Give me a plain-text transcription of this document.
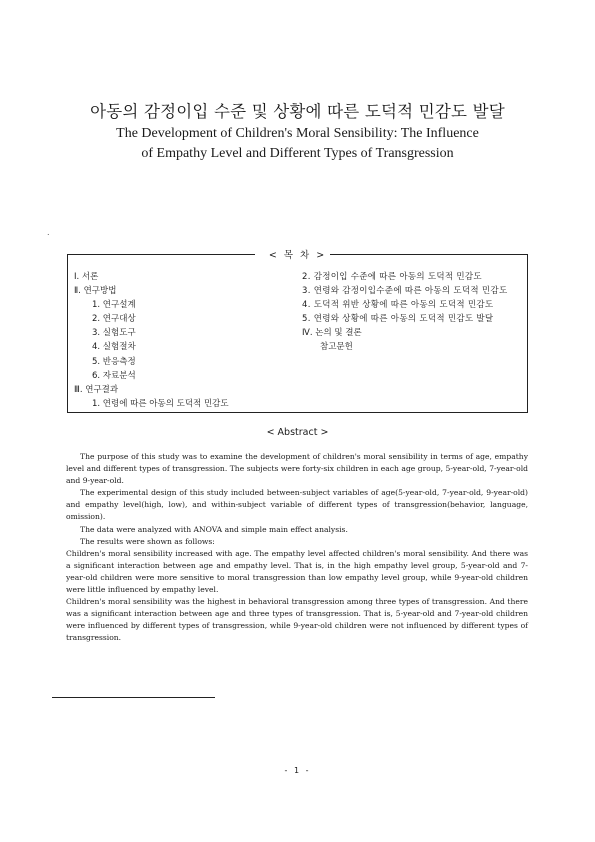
아동의 감정이입 수준 및 상황에 따른 도덕적 민감도 발달
The Development of Children's Moral Sensibility: The Influence
of Empathy Level and Different Types of Transgression
.
< 목 차 >
Ⅰ. 서론
Ⅱ. 연구방법
1. 연구설계
2. 연구대상
3. 실험도구
4. 실험절차
5. 반응측정
6. 자료분석
Ⅲ. 연구결과
1. 연령에 따른 아동의 도덕적 민감도
2. 감정이입 수준에 따른 아동의 도덕적 민감도
3. 연령와 감정이입수준에 따른 아동의 도덕적 민감도
4. 도덕적 위반 상황에 따른 아동의 도덕적 민감도
5. 연령와 상황에 따른 아동의 도덕적 민감도 발달
Ⅳ. 논의 및 결론
참고문헌
< Abstract >

The purpose of this study was to examine the development of children's moral sensibility in terms of age, empathy level and different types of transgression. The subjects were forty-six children in each age group, 5-year-old, 7-year-old and 9-year-old.

The experimental design of this study included between-subject variables of age(5-year-old, 7-year-old, 9-year-old) and empathy level(high, low), and within-subject variable of different types of transgression(behavior, language, omission).

The data were analyzed with ANOVA and simple main effect analysis.

The results were shown as follows:

Children's moral sensibility increased with age. The empathy level affected children's moral sensibility. And there was a significant interaction between age and empathy level. That is, in the high empathy level group, 5-year-old and 7-year-old children were more sensitive to moral transgression than low empathy level group, while 9-year-old children were little influenced by empathy level.

Children's moral sensibility was the highest in behavioral transgression among three types of transgression. And there was a significant interaction between age and three types of transgression. That is, 5-year-old and 7-year-old children were influenced by different types of transgression, while 9-year-old children were not influenced by different types of transgression.

- 1 -
